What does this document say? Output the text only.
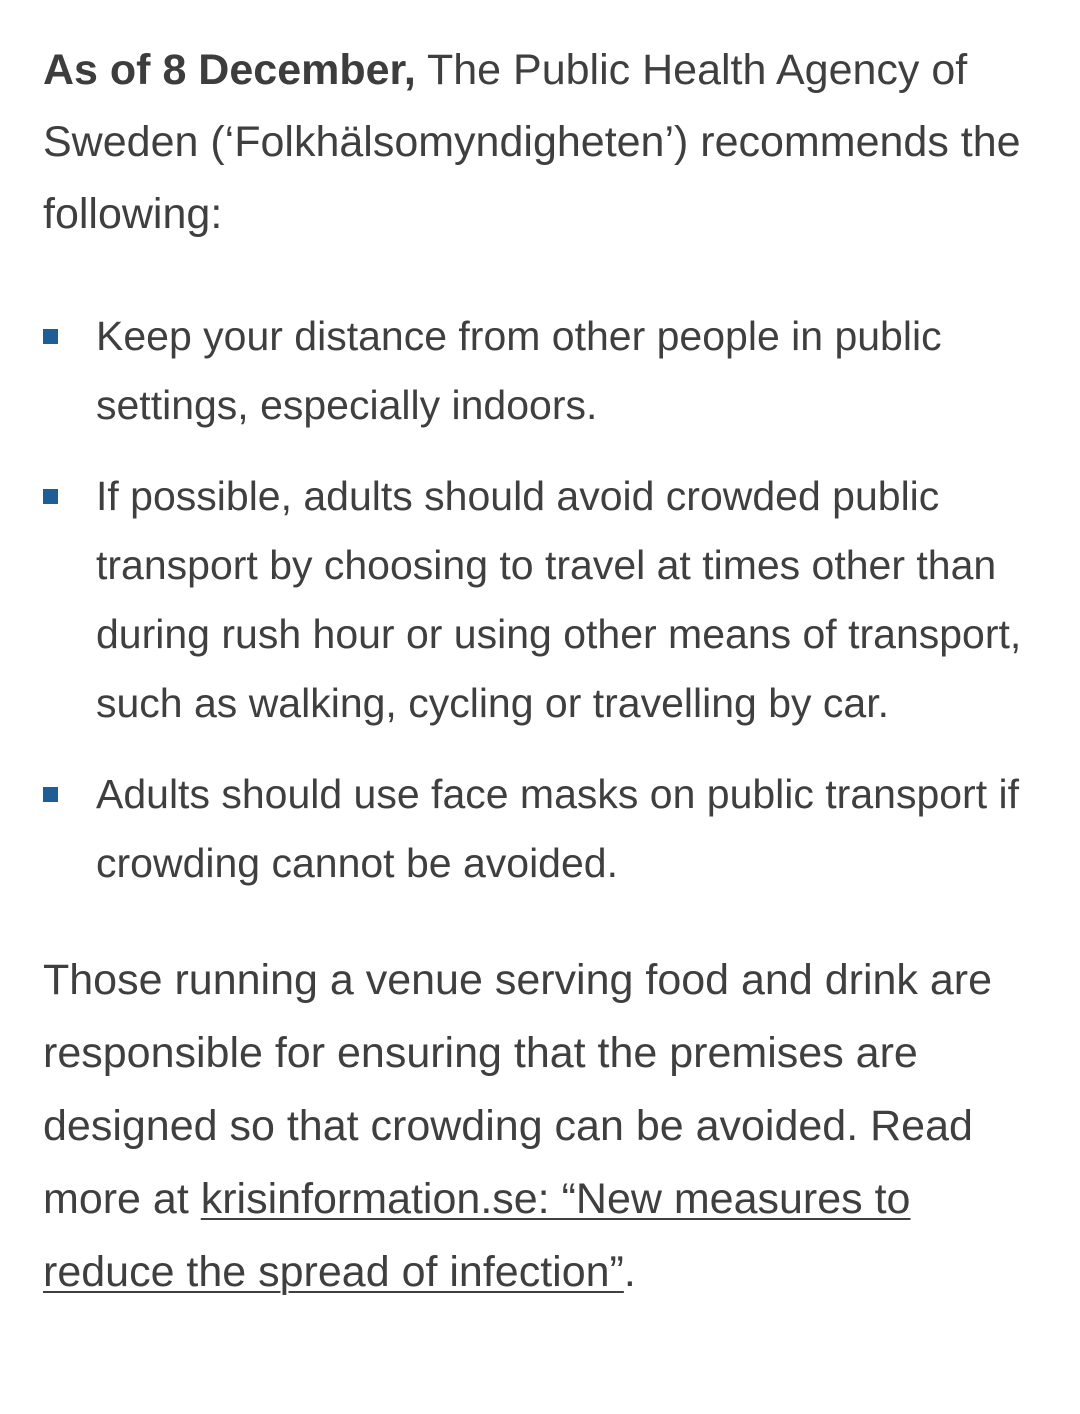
As of 8 December, The Public Health Agency of Sweden (‘Folkhälsomyndigheten’) recommends the following:

Keep your distance from other people in public settings, especially indoors.
If possible, adults should avoid crowded public transport by choosing to travel at times other than during rush hour or using other means of transport, such as walking, cycling or travelling by car.
Adults should use face masks on public transport if crowding cannot be avoided.

Those running a venue serving food and drink are responsible for ensuring that the premises are designed so that crowding can be avoided. Read more at krisinformation.se: “New measures to reduce the spread of infection”.
